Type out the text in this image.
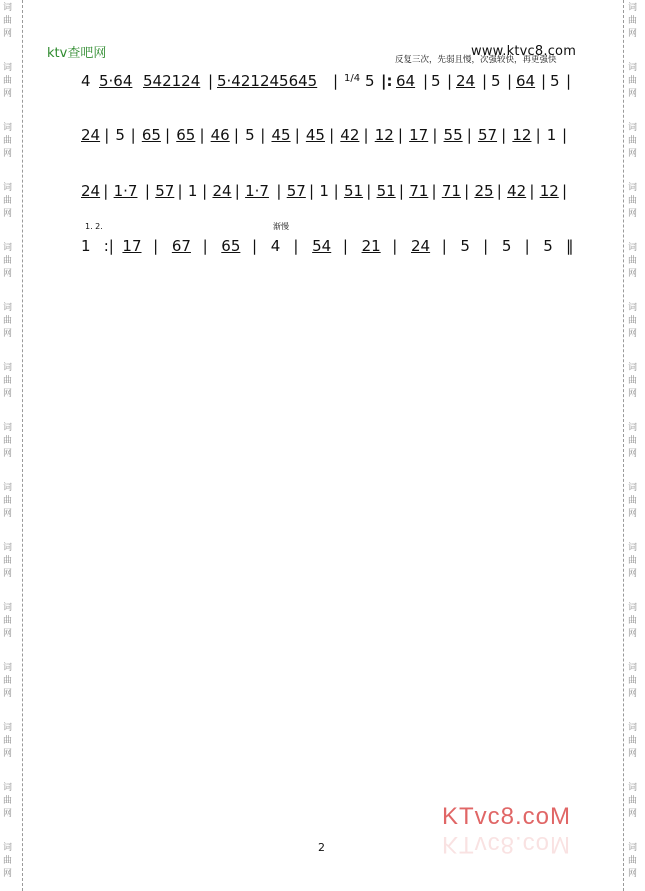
词
曲
网
词
曲
网
词
曲
网
词
曲
网
词
曲
网
词
曲
网
词
曲
网
词
曲
网
词
曲
网
词
曲
网
词
曲
网
词
曲
网
词
曲
网
词
曲
网
词
曲
网
词
曲
网
词
曲
网
词
曲
网
词
曲
网
词
曲
网
词
曲
网
词
曲
网
词
曲
网
词
曲
网
词
曲
网
词
曲
网
词
曲
网
词
曲
网
词
曲
网
词
曲
网
ktv查吧网	www.ktvc8.com
反复三次，先弱且慢，次强较快，再更强快
4 5·64 542124 | 5·421245645 | 1/4 5 |: 64 | 5 | 24 | 5 | 64 | 5 |
24 | 5 | 65 | 65 | 46 | 5 | 45 | 45 | 42 | 12 | 17 | 55 | 57 | 12 | 1 |
24 | 1·7 | 57 | 1 | 24 | 1·7 | 57 | 1 | 51 | 51 | 71 | 71 | 25 | 42 | 12 |
1. 2.	渐慢
1 :| 17 | 67 | 65 | 4 | 54 | 21 | 24 | 5 | 5 | 5 ‖
2
KTvc8.coM
KTvc8.coM
